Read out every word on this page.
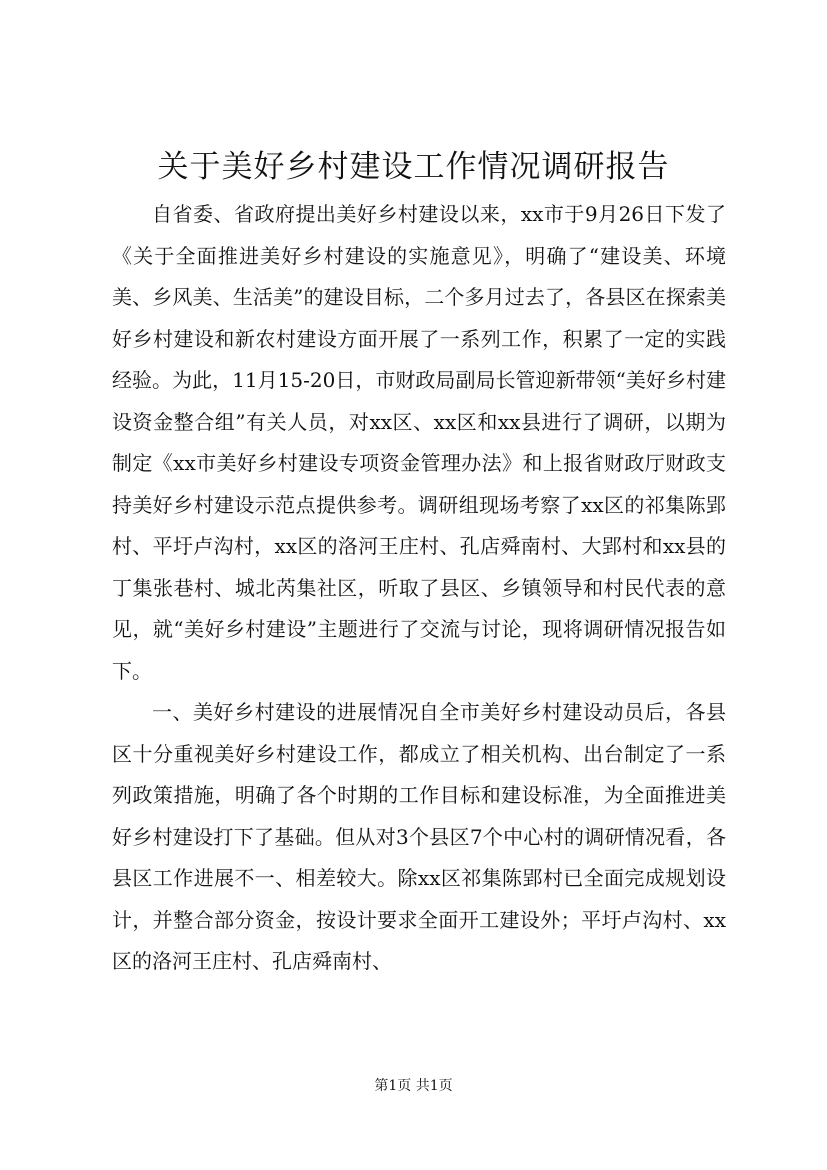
关于美好乡村建设工作情况调研报告

自省委、省政府提出美好乡村建设以来，xx市于9月26日下发了《关于全面推进美好乡村建设的实施意见》，明确了“建设美、环境美、乡风美、生活美”的建设目标，二个多月过去了，各县区在探索美好乡村建设和新农村建设方面开展了一系列工作，积累了一定的实践经验。为此，11月15-20日，市财政局副局长管迎新带领“美好乡村建设资金整合组”有关人员，对xx区、xx区和xx县进行了调研，以期为制定《xx市美好乡村建设专项资金管理办法》和上报省财政厅财政支持美好乡村建设示范点提供参考。调研组现场考察了xx区的祁集陈郢村、平圩卢沟村，xx区的洛河王庄村、孔店舜南村、大郢村和xx县的丁集张巷村、城北芮集社区，听取了县区、乡镇领导和村民代表的意见，就“美好乡村建设”主题进行了交流与讨论，现将调研情况报告如下。

一、美好乡村建设的进展情况自全市美好乡村建设动员后，各县区十分重视美好乡村建设工作，都成立了相关机构、出台制定了一系列政策措施，明确了各个时期的工作目标和建设标准，为全面推进美好乡村建设打下了基础。但从对3个县区7个中心村的调研情况看，各县区工作进展不一、相差较大。除xx区祁集陈郢村已全面完成规划设计，并整合部分资金，按设计要求全面开工建设外；平圩卢沟村、xx区的洛河王庄村、孔店舜南村、

第1页 共1页
